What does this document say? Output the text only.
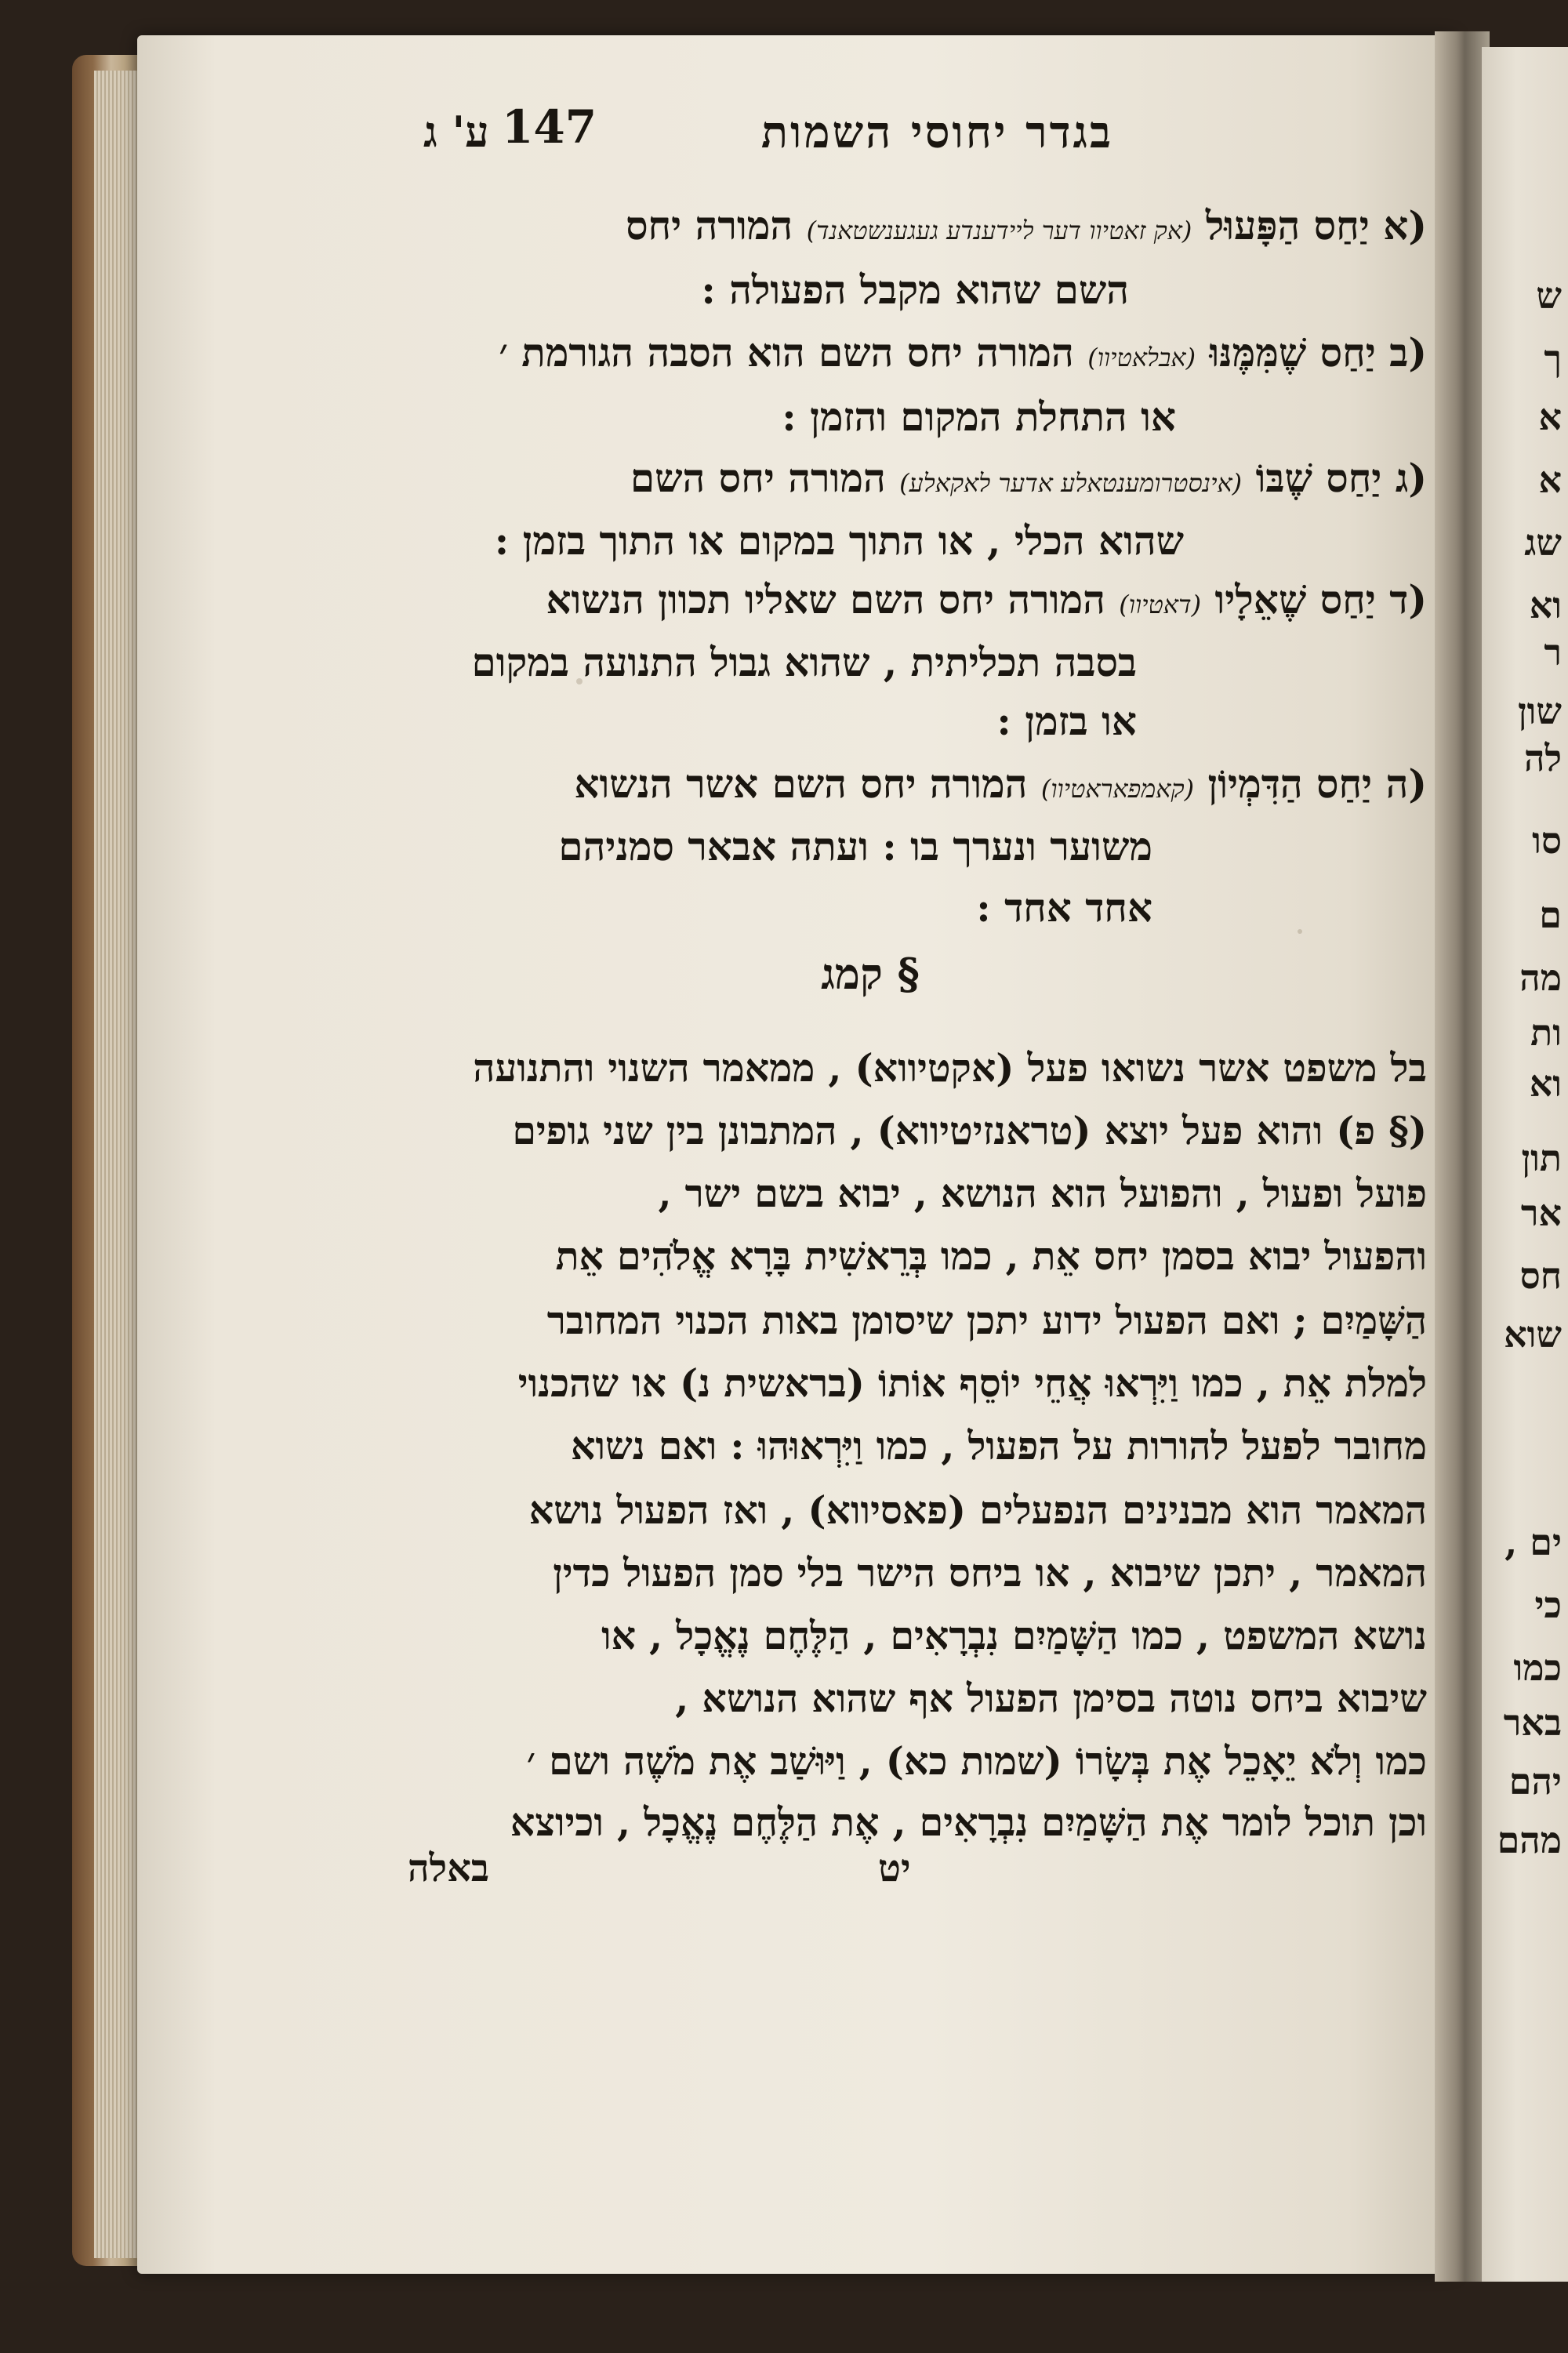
ש
ך
א
א
שג
וא
ר
שון
לה
סו
ם
מה
ות
וא
תון
אר
חס
שוא
ים ,
כי
כמו
באר
יהם
מהם
בגדר יחוסי השמות
147
ע' ג
(א יַחַס הַפָּעוּל (אק זאטיוו דער ליידענדע געגענשטאנד) המורה יחס
השם שהוא מקבל הפעולה :
(ב יַחַס שֶׁמִּמֶּנּוּ (אבלאטיוו) המורה יחס השם הוא הסבה הגורמת ׳
או התחלת המקום והזמן :
(ג יַחַס שֶׁבּוֹ (אינסטרומענטאלע אדער לאקאלע) המורה יחס השם
שהוא הכלי , או התוך במקום או התוך בזמן :
(ד יַחַס שֶׁאֵלָיו (דאטיוו) המורה יחס השם שאליו תכוון הנשוא
בסבה תכליתית , שהוא גבול התנועה במקום
או בזמן :
(ה יַחַס הַדִּמְיוֹן (קאמפאראטיוו) המורה יחס השם אשר הנשוא
משוער ונערך בו : ועתה אבאר סמניהם
אחד אחד :
§ קמג
בל משפט אשר נשואו פעל (אקטיווא) , ממאמר השנוי והתנועה
(§ פ) והוא פעל יוצא (טראנזיטיווא) , המתבונן בין שני גופים
פועל ופעול , והפועל הוא הנושא , יבוא בשם ישר ,
והפעול יבוא בסמן יחס אֵת , כמו בְּרֵאשִׁית בָּרָא אֱלֹהִים אֵת
הַשָּׁמַיִם ; ואם הפעול ידוע יתכן שיסומן באות הכנוי המחובר
למלת אֵת , כמו וַיִּרְאוּ אֲחֵי יוֹסֵף אוֹתוֹ (בראשית נ) או שהכנוי
מחובר לפעל להורות על הפעול , כמו וַיִּרְאוּהוּ : ואם נשוא
המאמר הוא מבנינים הנפעלים (פאסיווא) , ואז הפעול נושא
המאמר , יתכן שיבוא , או ביחס הישר בלי סמן הפעול כדין
נושא המשפט , כמו הַשָּׁמַיִם נִבְרָאִים , הַלֶּחֶם נֶאֱכָל , או
שיבוא ביחס נוטה בסימן הפעול אף שהוא הנושא ,
כמו וְלֹא יֵאָכֵל אֶת בְּשָׂרוֹ (שמות כא) , וַיּוּשַׁב אֶת מֹשֶׁה ושם ׳
וכן תוכל לומר אֶת הַשָּׁמַיִם נִבְרָאִים , אֶת הַלֶּחֶם נֶאֱכָל , וכיוצא
יט
באלה
